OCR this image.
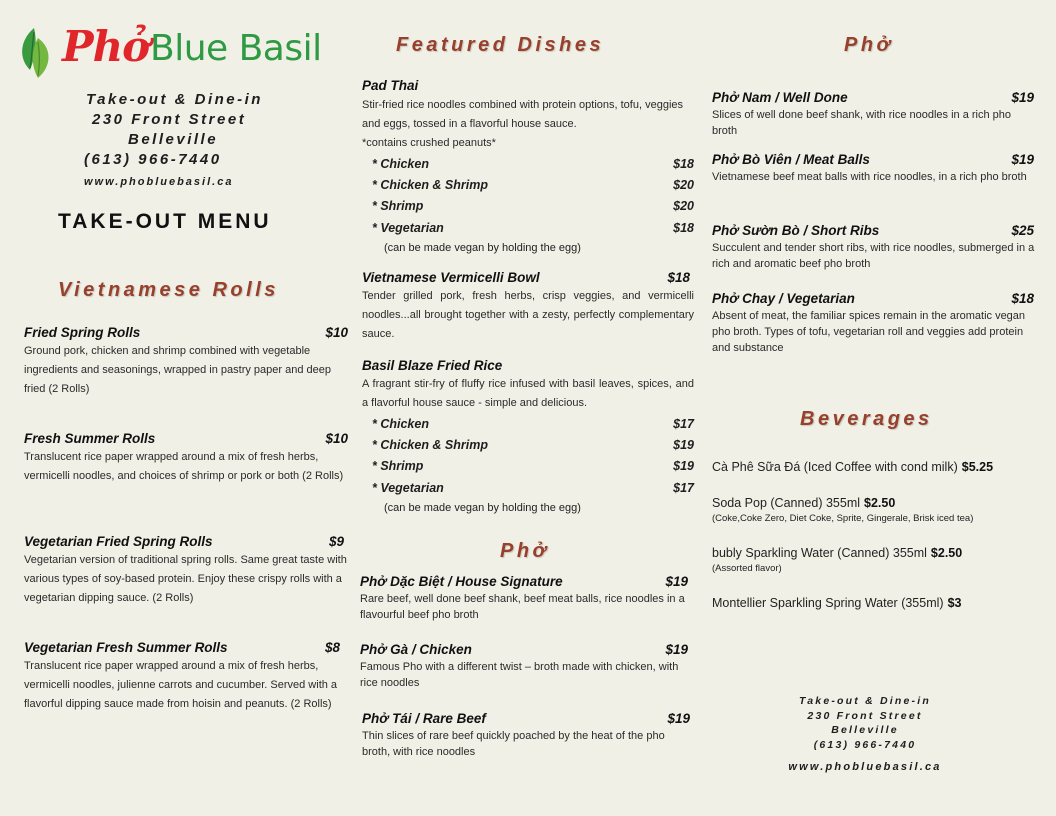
Phở Blue Basil
Take-out & Dine-in
230 Front Street
Belleville
(613) 966-7440
www.phobluebasil.ca
TAKE-OUT MENU
Vietnamese Rolls
Fried Spring Rolls	$10
Ground pork, chicken and shrimp combined with vegetable ingredients and seasonings, wrapped in pastry paper and deep fried (2 Rolls)
Fresh Summer Rolls	$10
Translucent rice paper wrapped around a mix of fresh herbs, vermicelli noodles, and choices of shrimp or pork or both (2 Rolls)
Vegetarian Fried Spring Rolls	$9
Vegetarian version of traditional spring rolls. Same great taste with various types of soy-based protein. Enjoy these crispy rolls with a vegetarian dipping sauce. (2 Rolls)
Vegetarian Fresh Summer Rolls	$8
Translucent rice paper wrapped around a mix of fresh herbs, vermicelli noodles, julienne carrots and cucumber. Served with a flavorful dipping sauce made from hoisin and peanuts. (2 Rolls)
Featured Dishes
Pad Thai
Stir-fried rice noodles combined with protein options, tofu, veggies and eggs, tossed in a flavorful house sauce.
*contains crushed peanuts*
* Chicken	$18
* Chicken & Shrimp	$20
* Shrimp	$20
* Vegetarian	$18
(can be made vegan by holding the egg)
Vietnamese Vermicelli Bowl	$18
Tender grilled pork, fresh herbs, crisp veggies, and vermicelli noodles...all brought together with a zesty, perfectly complementary sauce.
Basil Blaze Fried Rice
A fragrant stir-fry of fluffy rice infused with basil leaves, spices, and a flavorful house sauce - simple and delicious.
* Chicken	$17
* Chicken & Shrimp	$19
* Shrimp	$19
* Vegetarian	$17
(can be made vegan by holding the egg)
Phở
Phở Dặc Biệt / House Signature	$19
Rare beef, well done beef shank, beef meat balls, rice noodles in a flavourful beef pho broth
Phở Gà / Chicken	$19
Famous Pho with a different twist – broth made with chicken, with rice noodles
Phở Tái / Rare Beef	$19
Thin slices of rare beef quickly poached by the heat of the pho broth, with rice noodles
Phở
Phở Nam / Well Done	$19
Slices of well done beef shank, with rice noodles in a rich pho broth
Phở Bò Viên / Meat Balls	$19
Vietnamese beef meat balls with rice noodles, in a rich pho broth
Phở Sườn Bò / Short Ribs	$25
Succulent and tender short ribs, with rice noodles, submerged in a rich and aromatic beef pho broth
Phở Chay / Vegetarian	$18
Absent of meat, the familiar spices remain in the aromatic vegan pho broth. Types of tofu, vegetarian roll and veggies add protein and substance
Beverages
Cà Phê Sữa Đá (Iced Coffee with cond milk) $5.25
Soda Pop (Canned) 355ml $2.50
(Coke,Coke Zero, Diet Coke, Sprite, Gingerale, Brisk iced tea)
bubly Sparkling Water (Canned) 355ml $2.50
(Assorted flavor)
Montellier Sparkling Spring Water (355ml) $3
Take-out & Dine-in
230 Front Street
Belleville
(613) 966-7440
www.phobluebasil.ca
